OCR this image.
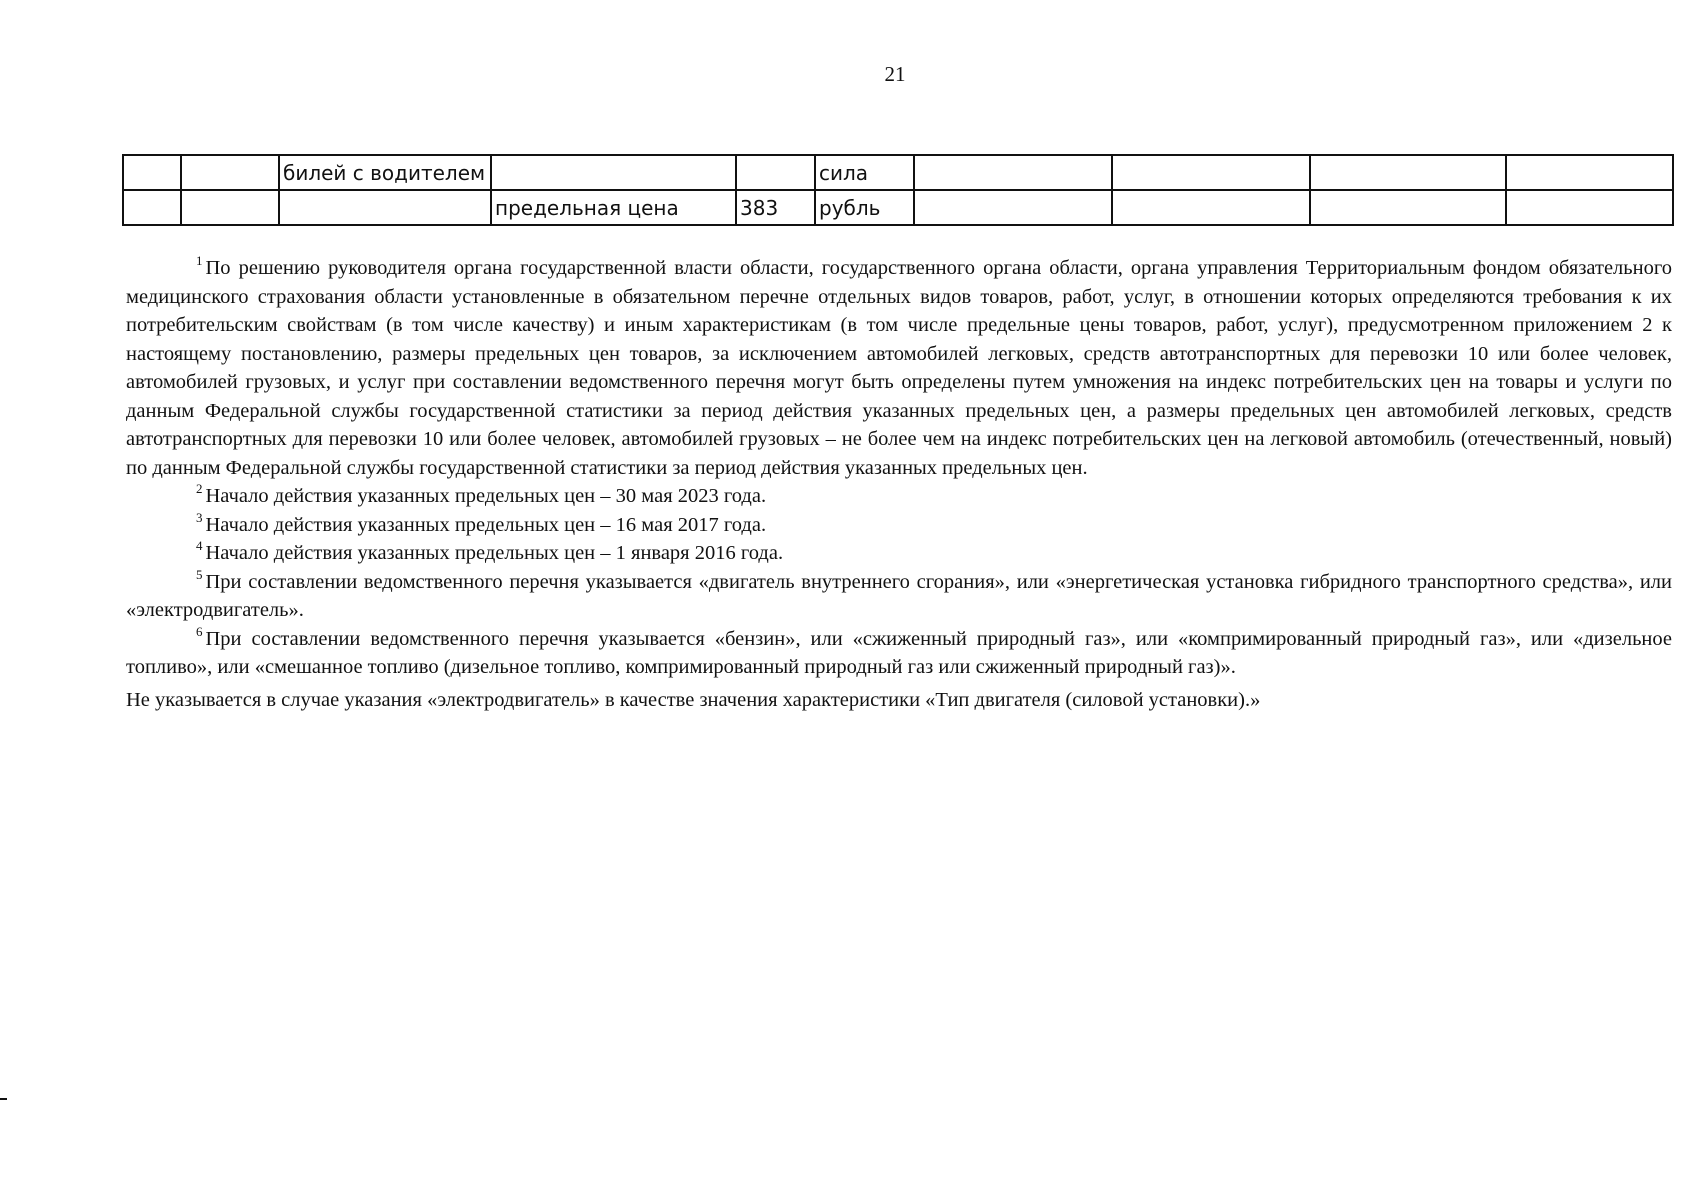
21
		билей с водителем			сила				
			предельная цена	383	рубль				

$^1$ По решению руководителя органа государственной власти области, государственного органа области, органа управления Территориальным фондом обязательного медицинского страхования области установленные в обязательном перечне отдельных видов товаров, работ, услуг, в отношении которых определяются требования к их потребительским свойствам (в том числе качеству) и иным характеристикам (в том числе предельные цены товаров, работ, услуг), предусмотренном приложением 2 к настоящему постановлению, размеры предельных цен товаров, за исключением автомобилей легковых, средств автотранспортных для перевозки 10 или более человек, автомобилей грузовых, и услуг при составлении ведомственного перечня могут быть определены путем умножения на индекс потребительских цен на товары и услуги по данным Федеральной службы государственной статистики за период действия указанных предельных цен, а размеры предельных цен автомобилей легковых, средств автотранспортных для перевозки 10 или более человек, автомобилей грузовых – не более чем на индекс потребительских цен на легковой автомобиль (отечественный, новый) по данным Федеральной службы государственной статистики за период действия указанных предельных цен.

$^2$ Начало действия указанных предельных цен – 30 мая 2023 года.

$^3$ Начало действия указанных предельных цен – 16 мая 2017 года.

$^4$ Начало действия указанных предельных цен – 1 января 2016 года.

$^5$ При составлении ведомственного перечня указывается «двигатель внутреннего сгорания», или «энергетическая установка гибридного транспортного средства», или «электродвигатель».

$^6$ При составлении ведомственного перечня указывается «бензин», или «сжиженный природный газ», или «компримированный природный газ», или «дизельное топливо», или «смешанное топливо (дизельное топливо, компримированный природный газ или сжиженный природный газ)».

Не указывается в случае указания «электродвигатель» в качестве значения характеристики «Тип двигателя (силовой установки).»
